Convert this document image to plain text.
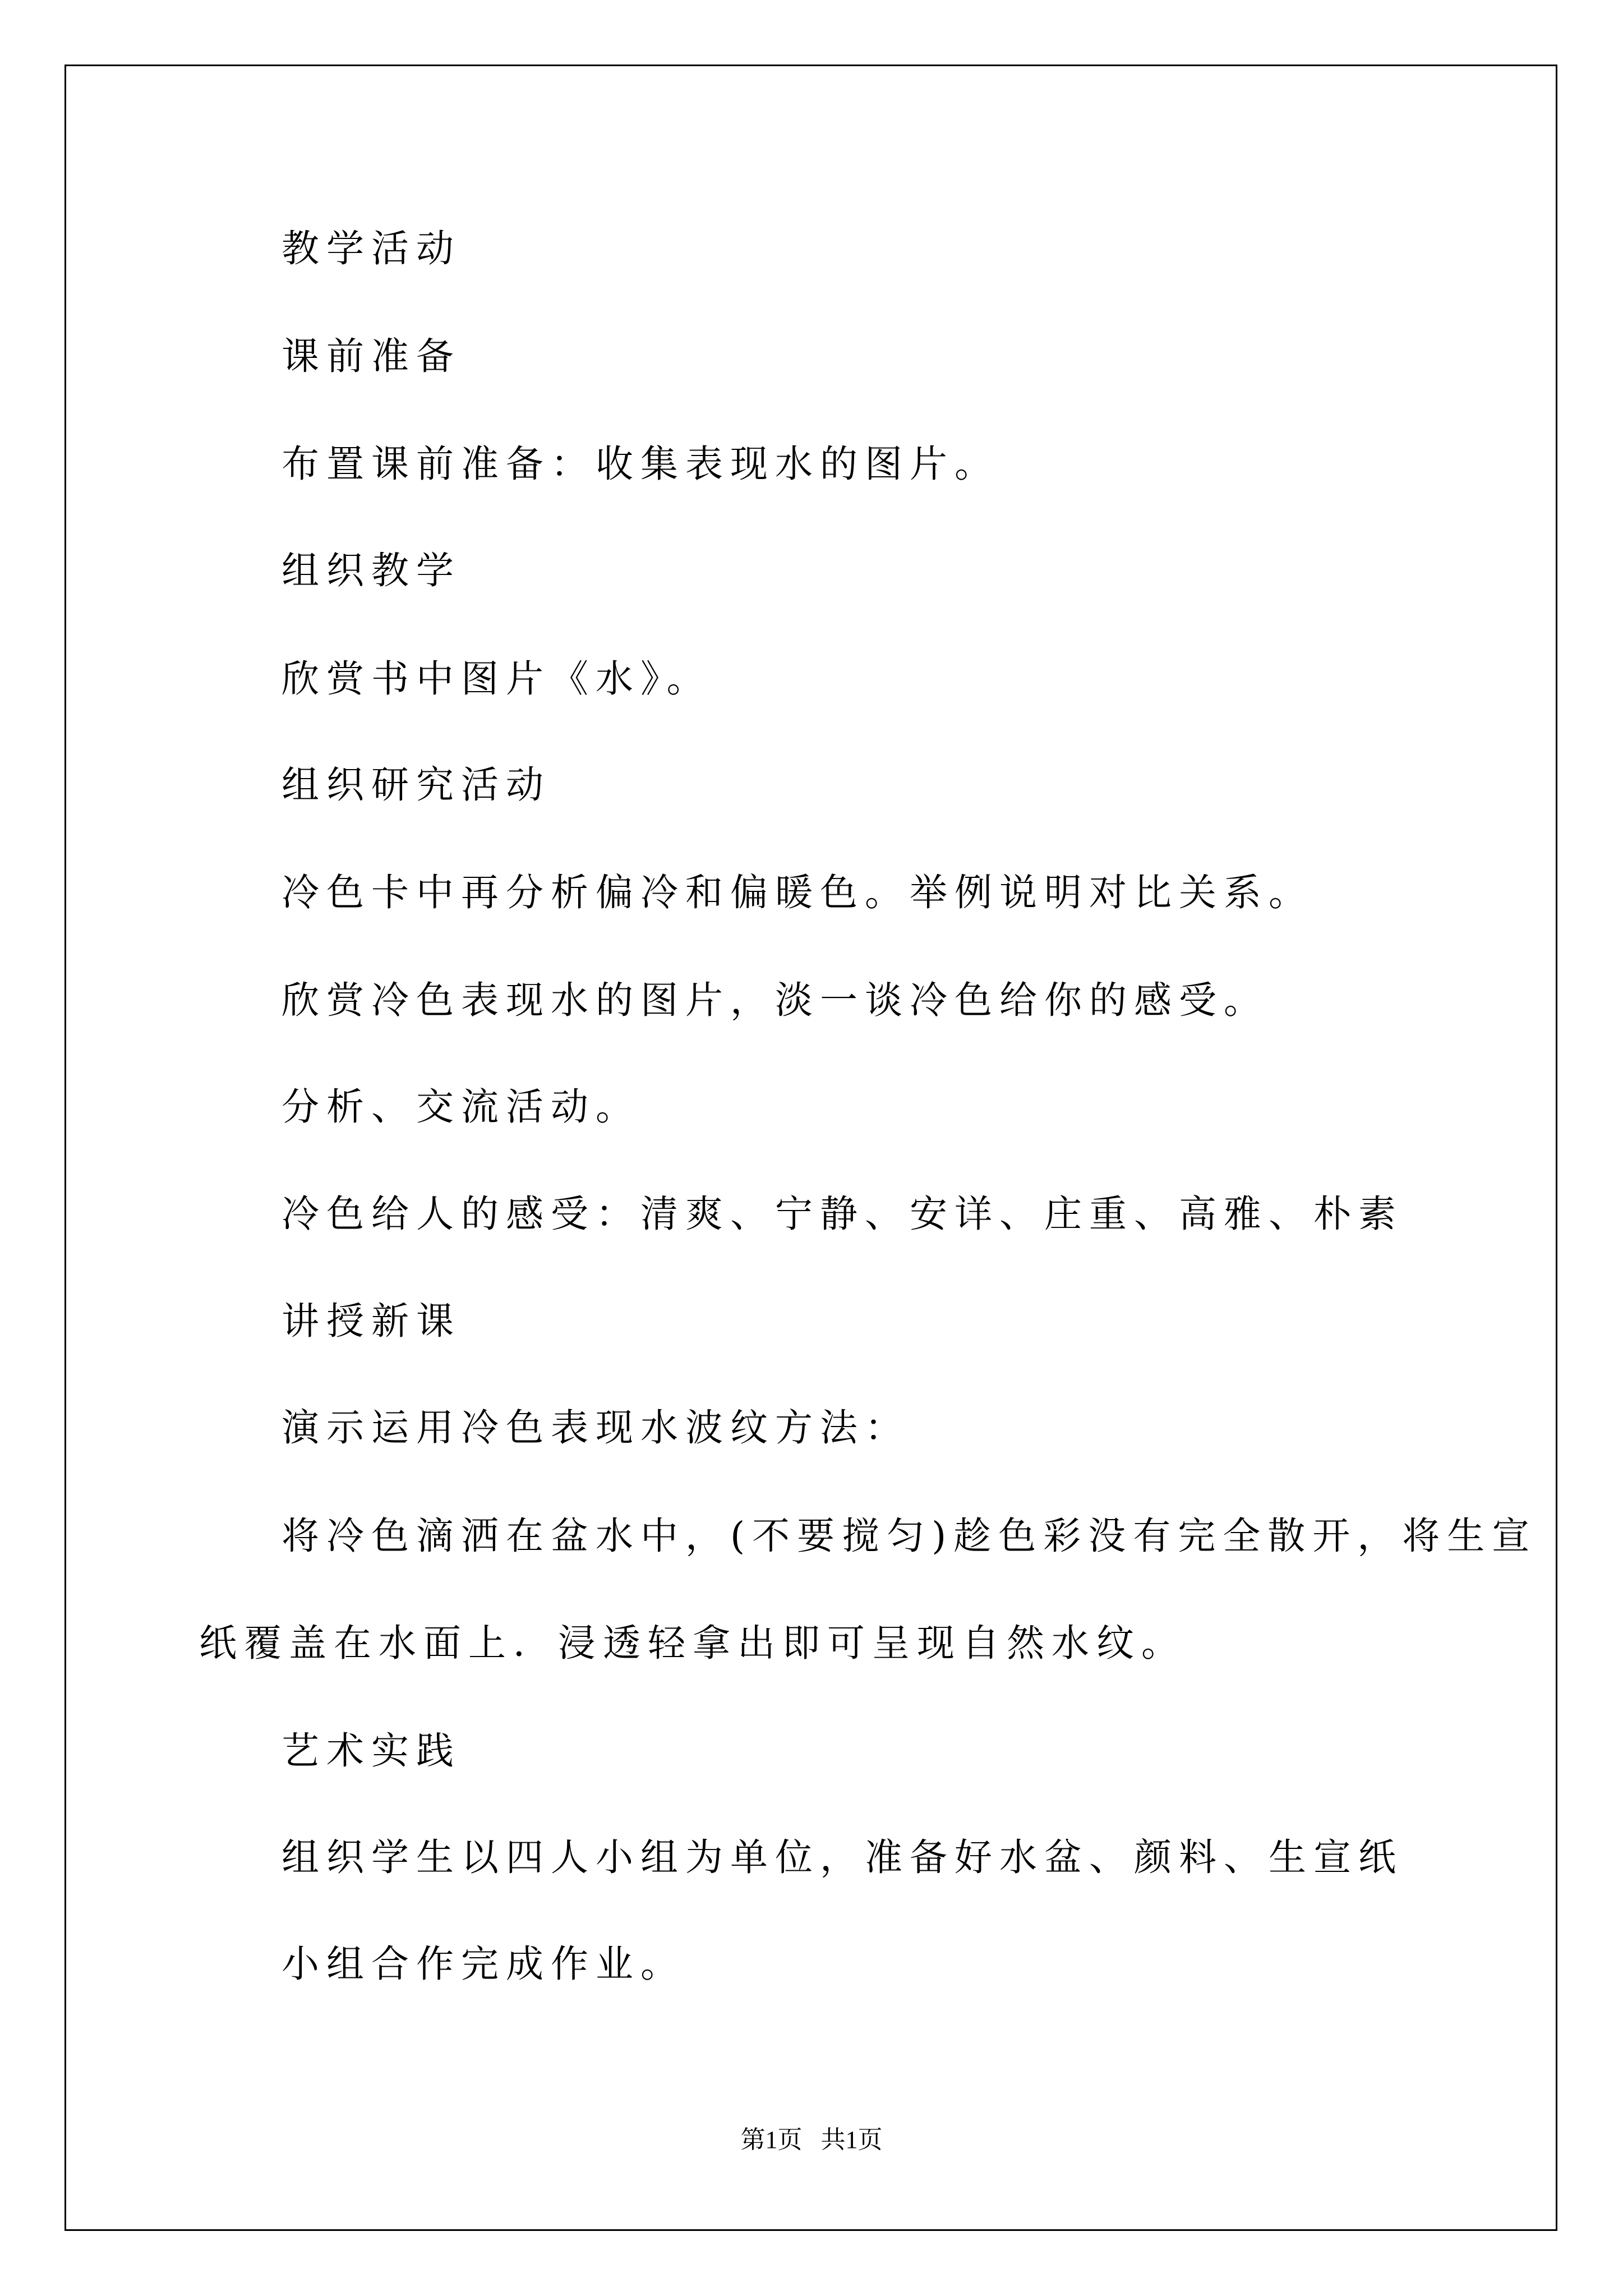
教学活动
课前准备
布置课前准备：收集表现水的图片。
组织教学
欣赏书中图片《水》。
组织研究活动
冷色卡中再分析偏冷和偏暖色。举例说明对比关系。
欣赏冷色表现水的图片，淡一谈冷色给你的感受。
分析、交流活动。
冷色给人的感受：清爽、宁静、安详、庄重、高雅、朴素
讲授新课
演示运用冷色表现水波纹方法：
将冷色滴洒在盆水中，(不要搅匀)趁色彩没有完全散开，将生宣
纸覆盖在水面上．浸透轻拿出即可呈现自然水纹。
艺术实践
组织学生以四人小组为单位，准备好水盆、颜料、生宣纸
小组合作完成作业。
第1页   共1页
